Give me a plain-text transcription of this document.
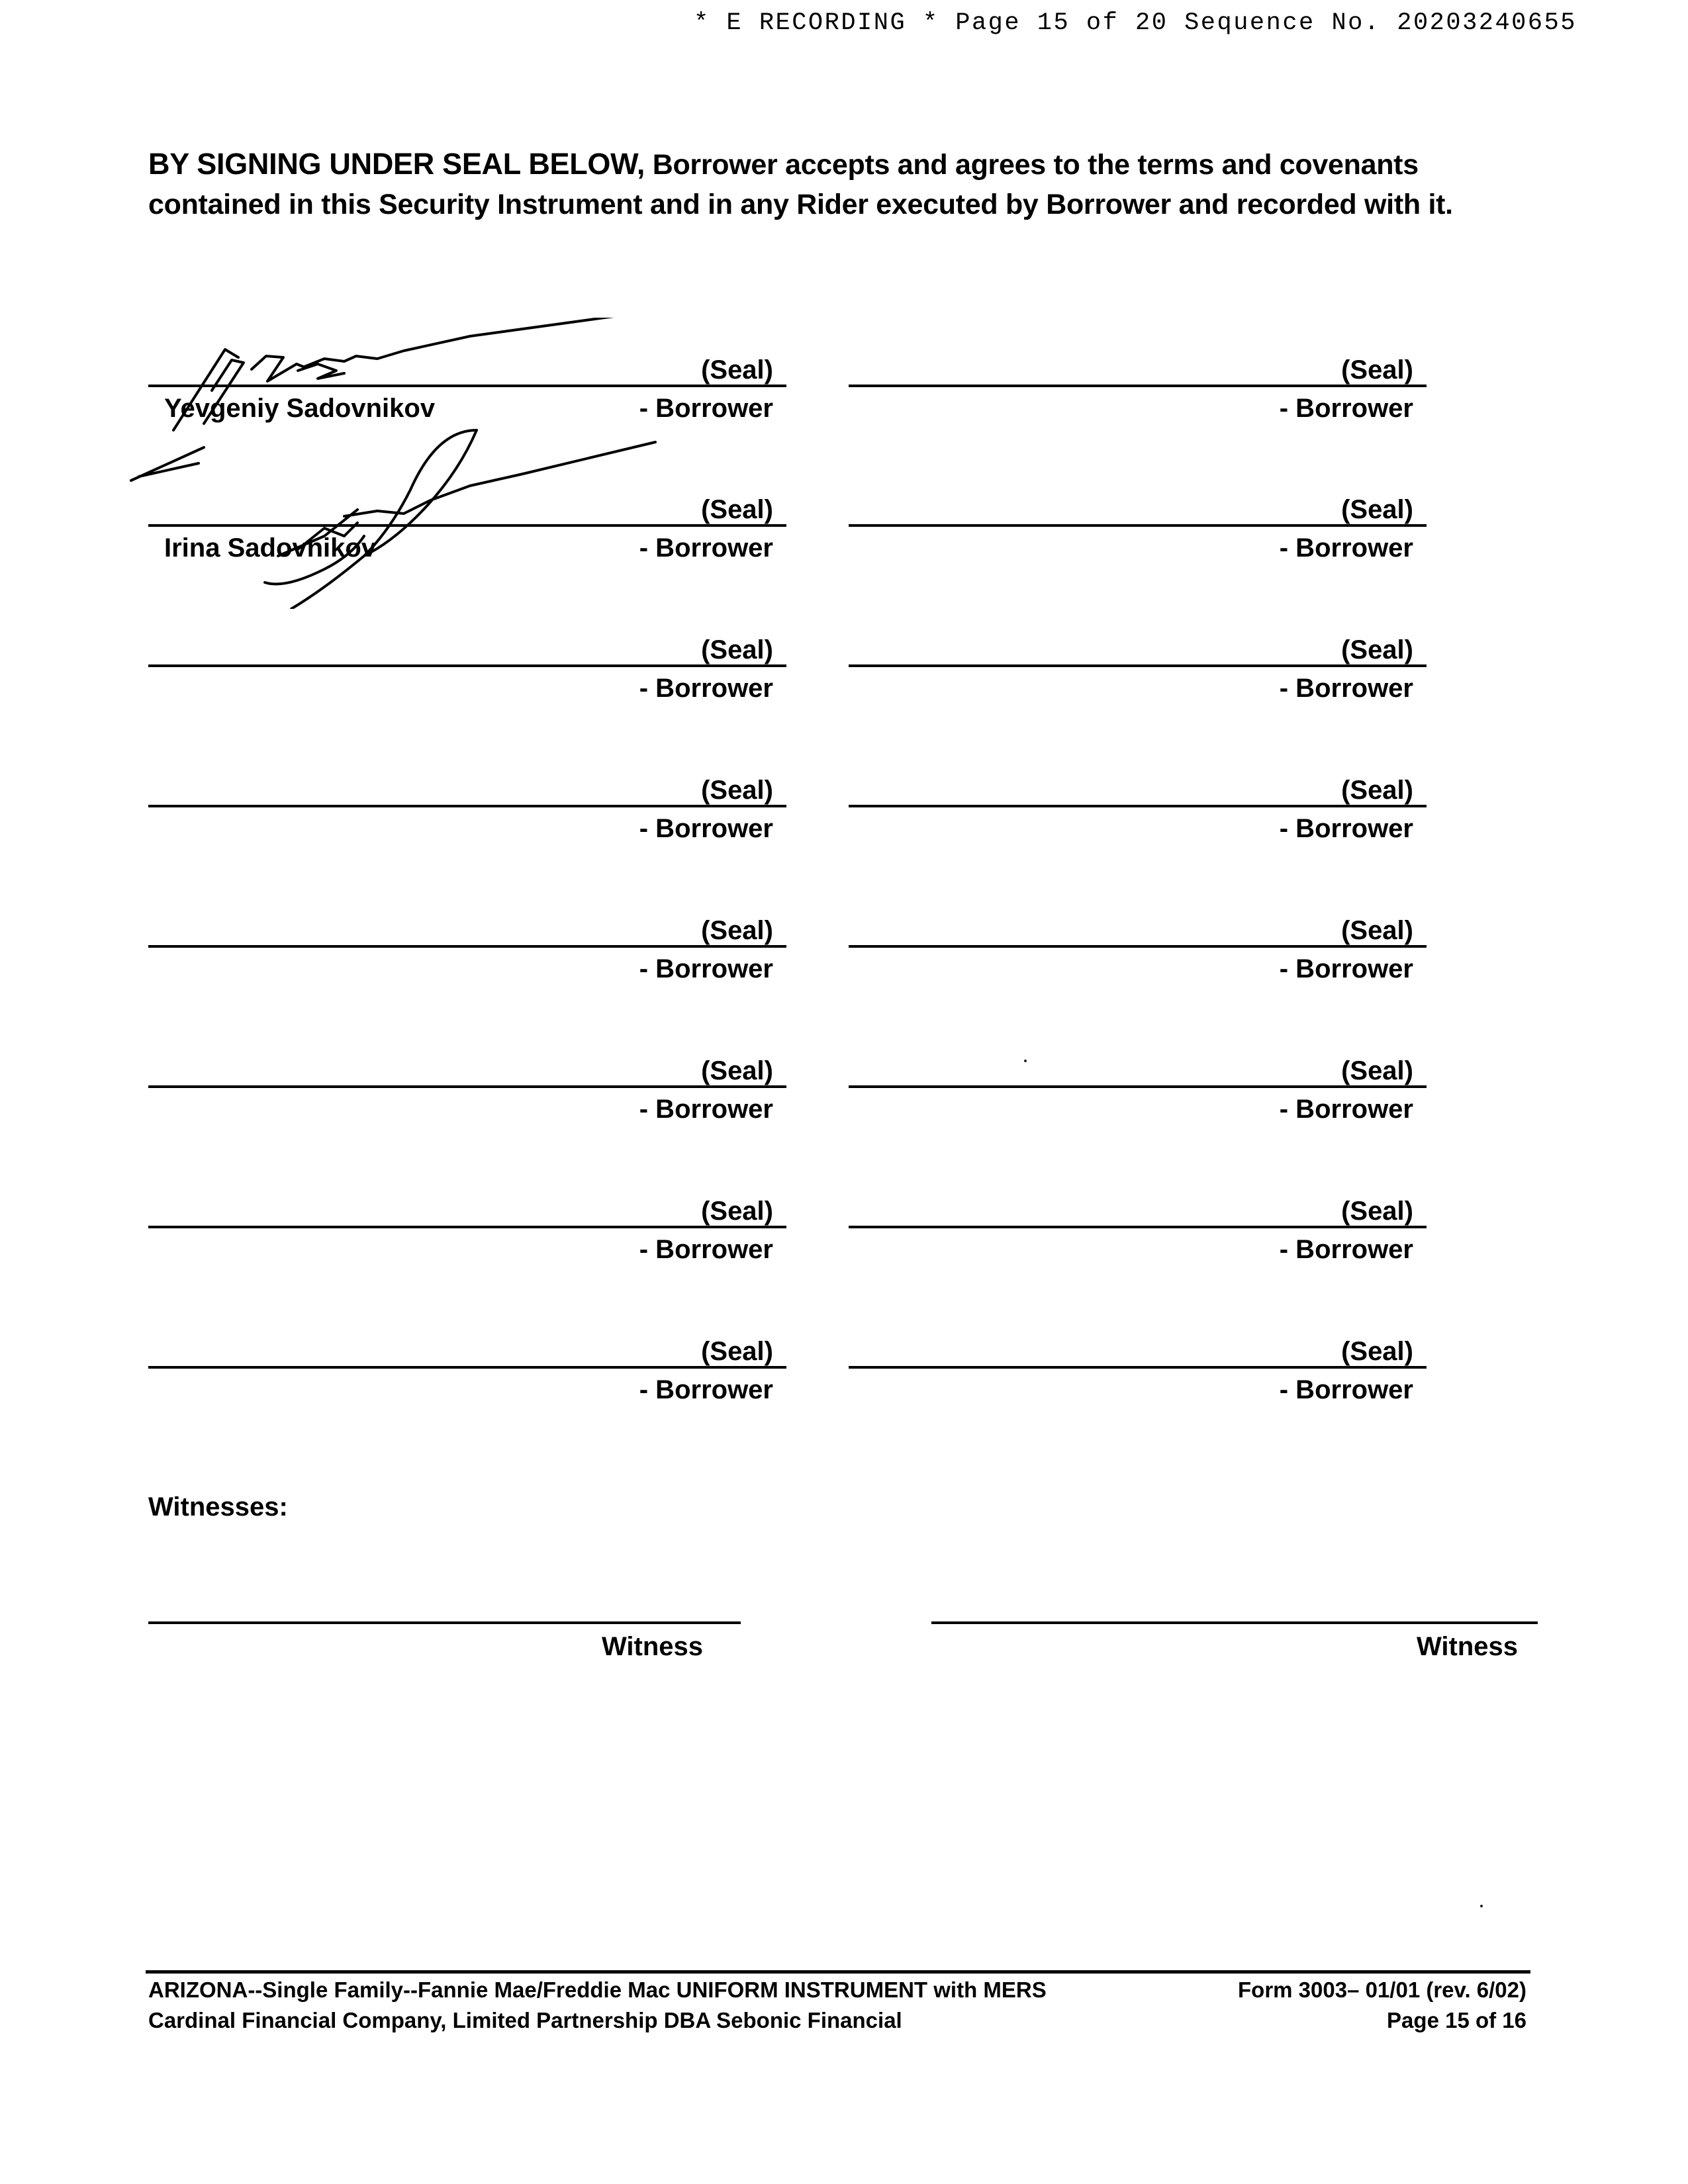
* E RECORDING * Page 15 of 20 Sequence No. 20203240655
BY SIGNING UNDER SEAL BELOW, Borrower accepts and agrees to the terms and covenants contained in this Security Instrument and in any Rider executed by Borrower and recorded with it.
(Seal)
Yevgeniy Sadovnikov	- Borrower
(Seal)
- Borrower
(Seal)
Irina Sadovnikov	- Borrower
(Seal)
- Borrower
(Seal)
- Borrower
(Seal)
- Borrower
(Seal)
- Borrower
(Seal)
- Borrower
(Seal)
- Borrower
(Seal)
- Borrower
(Seal)
- Borrower
(Seal)
- Borrower
(Seal)
- Borrower
(Seal)
- Borrower
(Seal)
- Borrower
(Seal)
- Borrower
Witnesses:
Witness	Witness
ARIZONA--Single Family--Fannie Mae/Freddie Mac UNIFORM INSTRUMENT with MERS	Form 3003– 01/01 (rev. 6/02)
Cardinal Financial Company, Limited Partnership DBA Sebonic Financial	Page 15 of 16
